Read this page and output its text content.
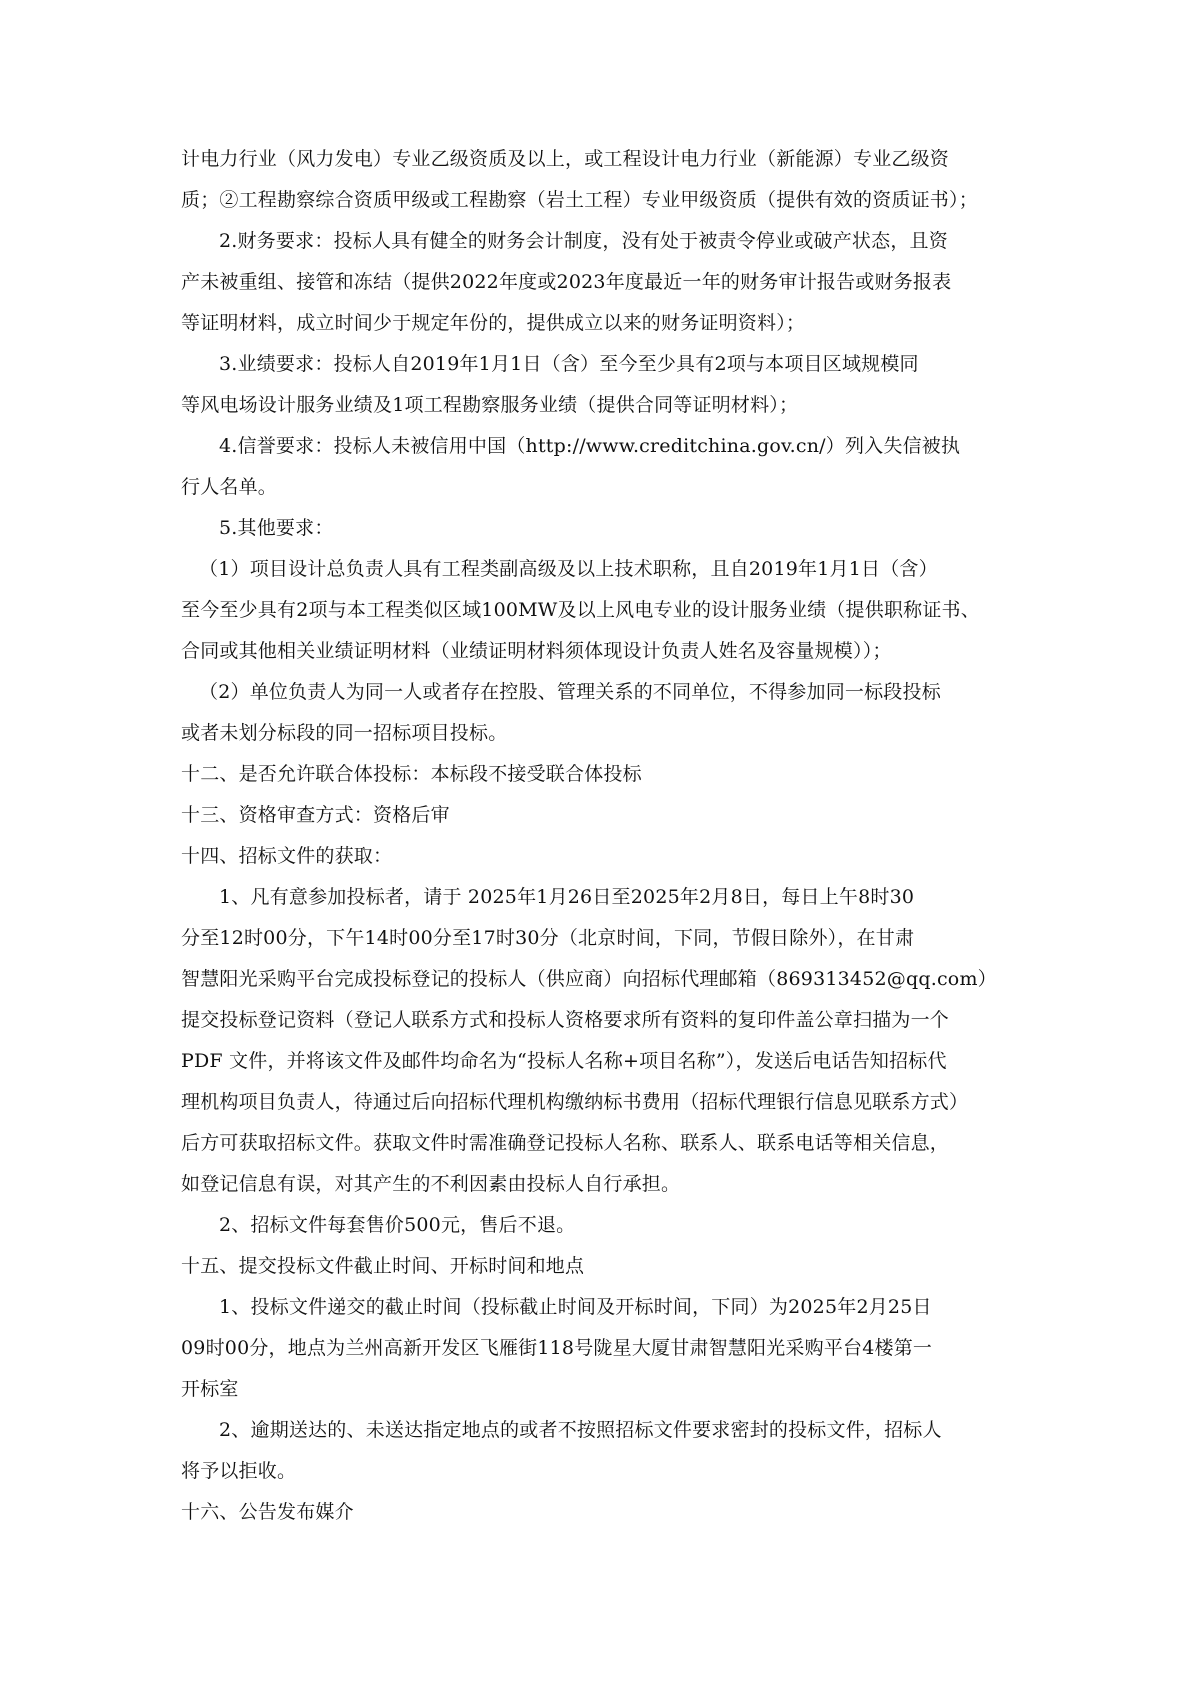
计电力行业（风力发电）专业乙级资质及以上，或工程设计电力行业（新能源）专业乙级资
质；②工程勘察综合资质甲级或工程勘察（岩土工程）专业甲级资质（提供有效的资质证书）；
2.财务要求：投标人具有健全的财务会计制度，没有处于被责令停业或破产状态，且资
产未被重组、接管和冻结（提供2022年度或2023年度最近一年的财务审计报告或财务报表
等证明材料，成立时间少于规定年份的，提供成立以来的财务证明资料）；
3.业绩要求：投标人自2019年1月1日（含）至今至少具有2项与本项目区域规模同
等风电场设计服务业绩及1项工程勘察服务业绩（提供合同等证明材料）；
4.信誉要求：投标人未被信用中国（http://www.creditchina.gov.cn/）列入失信被执
行人名单。
5.其他要求：
（1）项目设计总负责人具有工程类副高级及以上技术职称，且自2019年1月1日（含）
至今至少具有2项与本工程类似区域100MW及以上风电专业的设计服务业绩（提供职称证书、
合同或其他相关业绩证明材料（业绩证明材料须体现设计负责人姓名及容量规模））；
（2）单位负责人为同一人或者存在控股、管理关系的不同单位，不得参加同一标段投标
或者未划分标段的同一招标项目投标。
十二、是否允许联合体投标：本标段不接受联合体投标
十三、资格审查方式：资格后审
十四、招标文件的获取：
1、凡有意参加投标者，请于 2025年1月26日至2025年2月8日，每日上午8时30
分至12时00分，下午14时00分至17时30分（北京时间，下同，节假日除外），在甘肃
智慧阳光采购平台完成投标登记的投标人（供应商）向招标代理邮箱（869313452@qq.com）
提交投标登记资料（登记人联系方式和投标人资格要求所有资料的复印件盖公章扫描为一个
PDF 文件，并将该文件及邮件均命名为“投标人名称+项目名称”），发送后电话告知招标代
理机构项目负责人，待通过后向招标代理机构缴纳标书费用（招标代理银行信息见联系方式）
后方可获取招标文件。获取文件时需准确登记投标人名称、联系人、联系电话等相关信息，
如登记信息有误，对其产生的不利因素由投标人自行承担。
2、招标文件每套售价500元，售后不退。
十五、提交投标文件截止时间、开标时间和地点
1、投标文件递交的截止时间（投标截止时间及开标时间，下同）为2025年2月25日
09时00分，地点为兰州高新开发区飞雁街118号陇星大厦甘肃智慧阳光采购平台4楼第一
开标室
2、逾期送达的、未送达指定地点的或者不按照招标文件要求密封的投标文件，招标人
将予以拒收。
十六、公告发布媒介
